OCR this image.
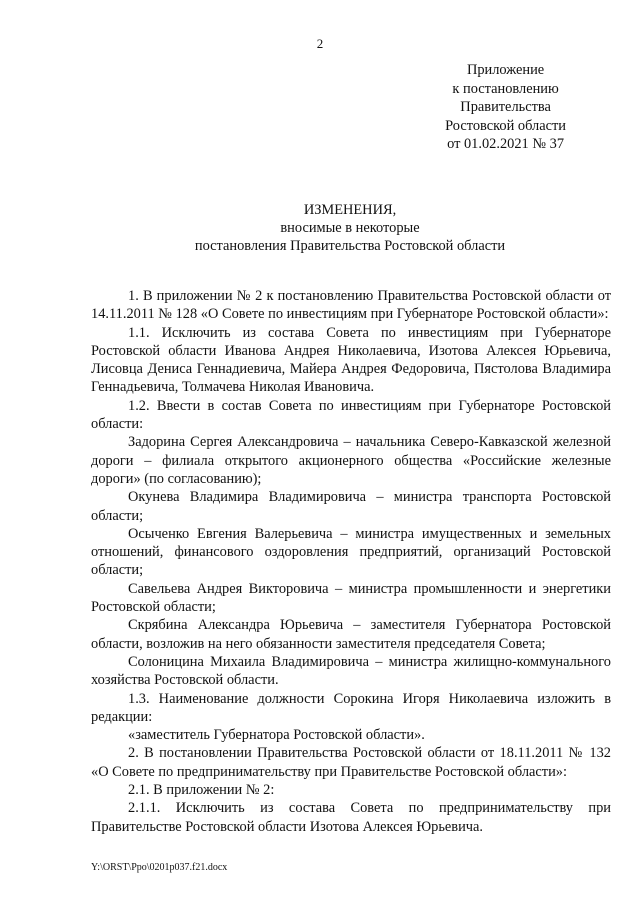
2
Приложение
к постановлению
Правительства
Ростовской области
от 01.02.2021 № 37
ИЗМЕНЕНИЯ,
вносимые в некоторые
постановления Правительства Ростовской области

1. В приложении № 2 к постановлению Правительства Ростовской области от 14.11.2011 № 128 «О Совете по инвестициям при Губернаторе Ростовской области»:

1.1. Исключить из состава Совета по инвестициям при Губернаторе Ростовской области Иванова Андрея Николаевича, Изотова Алексея Юрьевича, Лисовца Дениса Геннадиевича, Майера Андрея Федоровича, Пястолова Владимира Геннадьевича, Толмачева Николая Ивановича.

1.2. Ввести в состав Совета по инвестициям при Губернаторе Ростовской области:

Задорина Сергея Александровича – начальника Северо-Кавказской железной дороги – филиала открытого акционерного общества «Российские железные дороги» (по согласованию);

Окунева Владимира Владимировича – министра транспорта Ростовской области;

Осыченко Евгения Валерьевича – министра имущественных и земельных отношений, финансового оздоровления предприятий, организаций Ростовской области;

Савельева Андрея Викторовича – министра промышленности и энергетики Ростовской области;

Скрябина Александра Юрьевича – заместителя Губернатора Ростовской области, возложив на него обязанности заместителя председателя Совета;

Солоницина Михаила Владимировича – министра жилищно-коммунального хозяйства Ростовской области.

1.3. Наименование должности Сорокина Игоря Николаевича изложить в редакции:

«заместитель Губернатора Ростовской области».

2. В постановлении Правительства Ростовской области от 18.11.2011 № 132 «О Совете по предпринимательству при Правительстве Ростовской области»:

2.1. В приложении № 2:

2.1.1. Исключить из состава Совета по предпринимательству при Правительстве Ростовской области Изотова Алексея Юрьевича.

Y:\ORST\Ppo\0201p037.f21.docx
